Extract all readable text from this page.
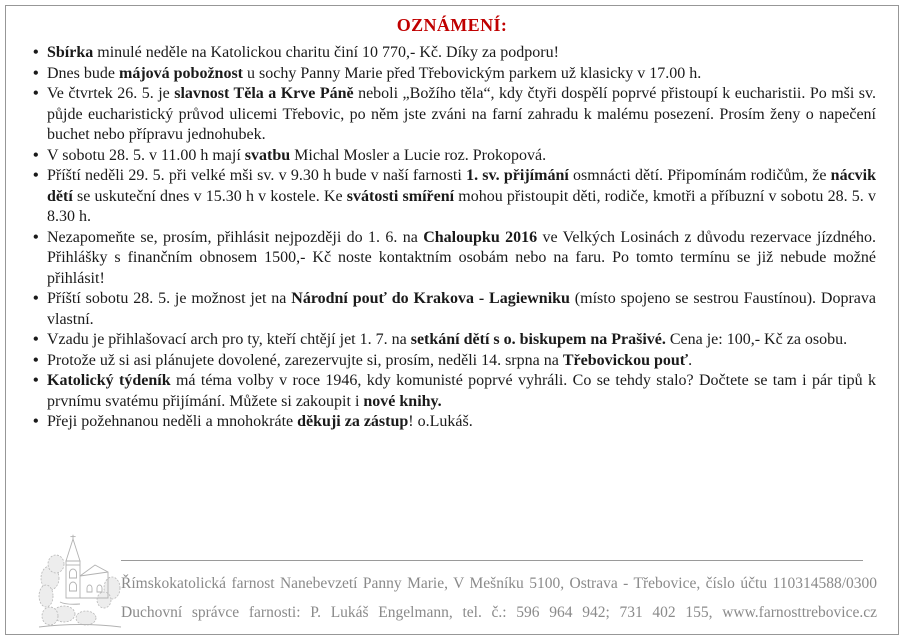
OZNÁMENÍ:
• Sbírka minulé neděle na Katolickou charitu činí 10 770,- Kč. Díky za podporu!
• Dnes bude májová pobožnost u sochy Panny Marie před Třebovickým parkem už klasicky v 17.00 h.
• Ve čtvrtek 26. 5. je slavnost Těla a Krve Páně neboli „Božího těla“, kdy čtyři dospělí poprvé přistoupí k eucharistii. Po mši sv. půjde eucharistický průvod ulicemi Třebovic, po něm jste zváni na farní zahradu k malému posezení. Prosím ženy o napečení buchet nebo přípravu jednohubek.
• V sobotu 28. 5. v 11.00 h mají svatbu Michal Mosler a Lucie roz. Prokopová.
• Příští neděli 29. 5. při velké mši sv. v 9.30 h bude v naší farnosti 1. sv. přijímání osmnácti dětí. Připomínám rodičům, že nácvik dětí se uskuteční dnes v 15.30 h v kostele. Ke svátosti smíření mohou přistoupit děti, rodiče, kmotři a příbuzní v sobotu 28. 5. v 8.30 h.
• Nezapomeňte se, prosím, přihlásit nejpozději do 1. 6. na Chaloupku 2016 ve Velkých Losinách z důvodu rezervace jízdného. Přihlášky s finančním obnosem 1500,- Kč noste kontaktním osobám nebo na faru. Po tomto termínu se již nebude možné přihlásit!
• Příští sobotu 28. 5. je možnost jet na Národní pouť do Krakova - Lagiewniku (místo spojeno se sestrou Faustínou). Doprava vlastní.
• Vzadu je přihlašovací arch pro ty, kteří chtějí jet 1. 7. na setkání dětí s o. biskupem na Prašivé. Cena je: 100,- Kč za osobu.
• Protože už si asi plánujete dovolené, zarezervujte si, prosím, neděli 14. srpna na Třebovickou pouť.
• Katolický týdeník má téma volby v roce 1946, kdy komunisté poprvé vyhráli. Co se tehdy stalo? Dočtete se tam i pár tipů k prvnímu svatému přijímání. Můžete si zakoupit i nové knihy.
• Přeji požehnanou neděli a mnohokráte děkuji za zástup! o.Lukáš.
Římskokatolická farnost Nanebevzetí Panny Marie, V Mešníku 5100, Ostrava - Třebovice, číslo účtu 110314588/0300
Duchovní správce farnosti: P. Lukáš Engelmann, tel. č.: 596 964 942; 731 402 155, www.farnosttrebovice.cz
